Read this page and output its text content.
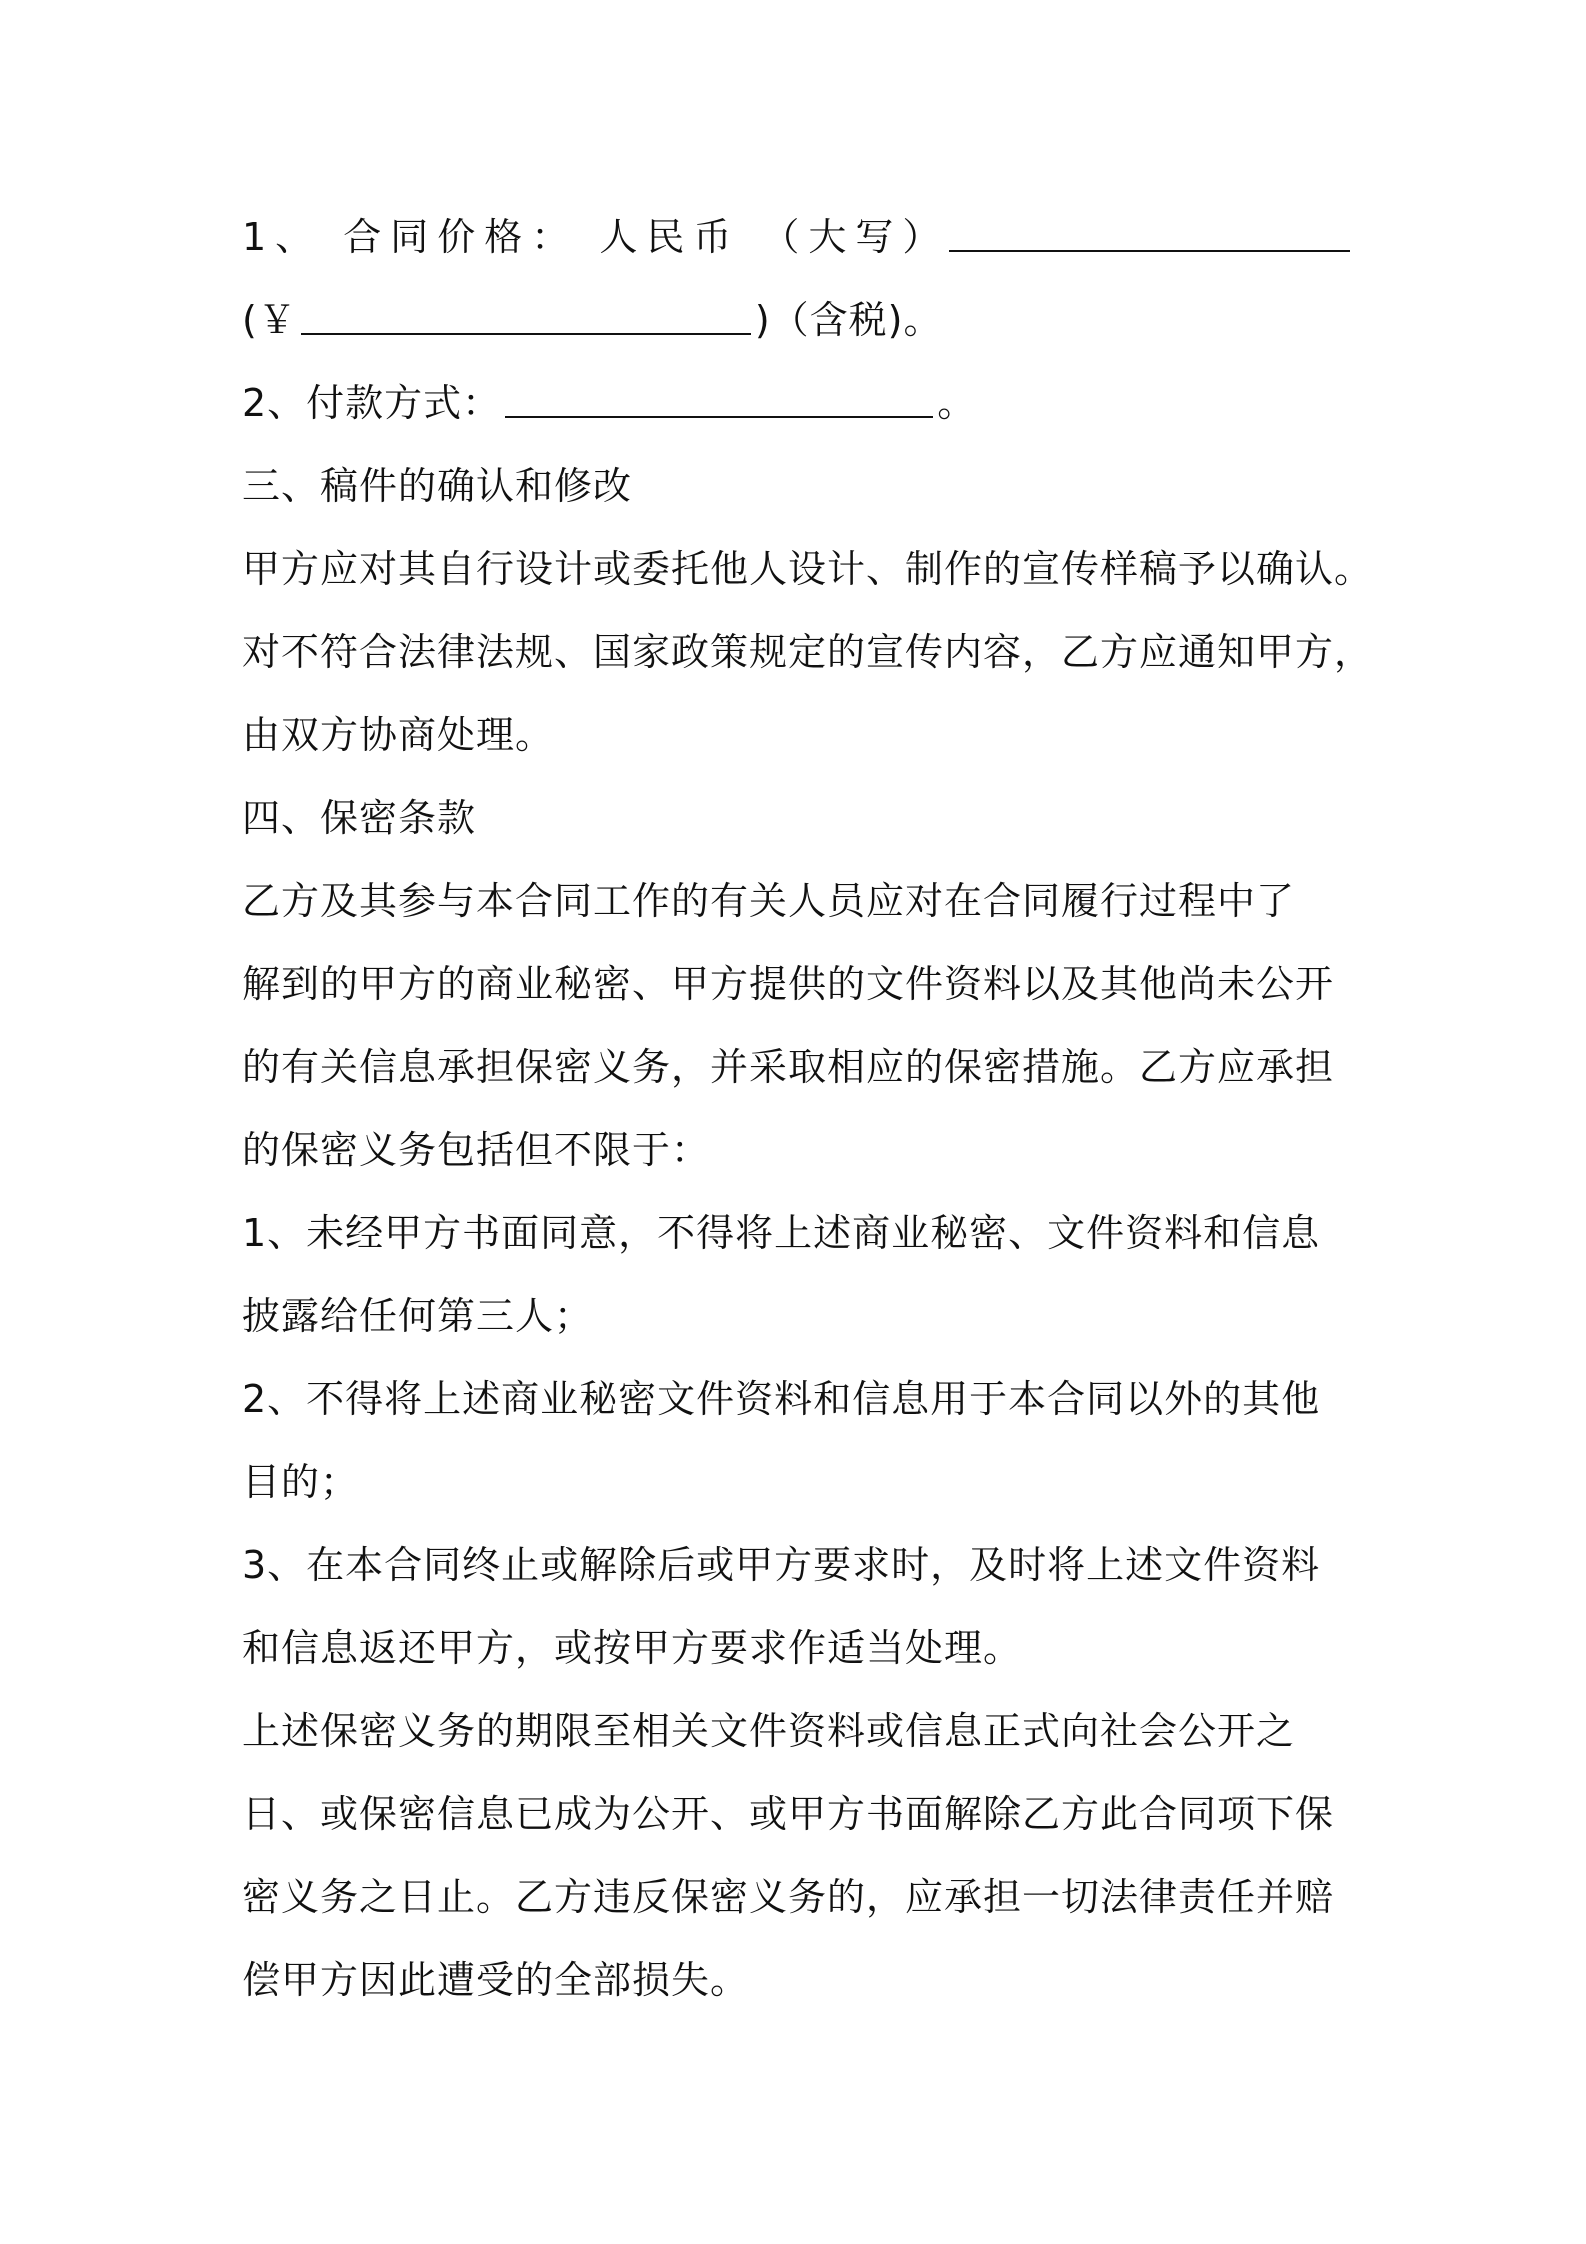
1、 合同价格： 人民币 （大写）
(￥	)（含税)。
2、付款方式：	。
三、稿件的确认和修改
甲方应对其自行设计或委托他人设计、制作的宣传样稿予以确认。
对不符合法律法规、国家政策规定的宣传内容，乙方应通知甲方，
由双方协商处理。
四、保密条款
乙方及其参与本合同工作的有关人员应对在合同履行过程中了
解到的甲方的商业秘密、甲方提供的文件资料以及其他尚未公开
的有关信息承担保密义务，并采取相应的保密措施。乙方应承担
的保密义务包括但不限于：
1、未经甲方书面同意，不得将上述商业秘密、文件资料和信息
披露给任何第三人；
2、不得将上述商业秘密文件资料和信息用于本合同以外的其他
目的；
3、在本合同终止或解除后或甲方要求时，及时将上述文件资料
和信息返还甲方，或按甲方要求作适当处理。
上述保密义务的期限至相关文件资料或信息正式向社会公开之
日、或保密信息已成为公开、或甲方书面解除乙方此合同项下保
密义务之日止。乙方违反保密义务的，应承担一切法律责任并赔
偿甲方因此遭受的全部损失。
